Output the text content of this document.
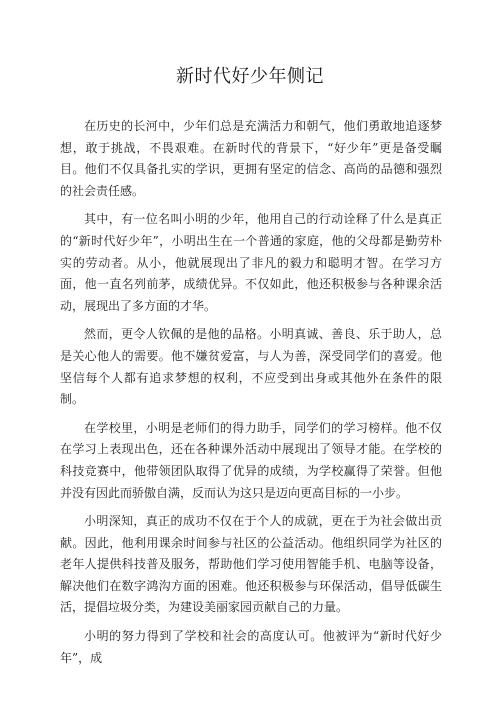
新时代好少年侧记

在历史的长河中，少年们总是充满活力和朝气，他们勇敢地追逐梦想，敢于挑战，不畏艰难。在新时代的背景下，“好少年”更是备受瞩目。他们不仅具备扎实的学识，更拥有坚定的信念、高尚的品德和强烈的社会责任感。

其中，有一位名叫小明的少年，他用自己的行动诠释了什么是真正的“新时代好少年”，小明出生在一个普通的家庭，他的父母都是勤劳朴实的劳动者。从小，他就展现出了非凡的毅力和聪明才智。在学习方面，他一直名列前茅，成绩优异。不仅如此，他还积极参与各种课余活动，展现出了多方面的才华。

然而，更令人钦佩的是他的品格。小明真诚、善良、乐于助人，总是关心他人的需要。他不嫌贫爱富，与人为善，深受同学们的喜爱。他坚信每个人都有追求梦想的权利，不应受到出身或其他外在条件的限制。

在学校里，小明是老师们的得力助手，同学们的学习榜样。他不仅在学习上表现出色，还在各种课外活动中展现出了领导才能。在学校的科技竞赛中，他带领团队取得了优异的成绩，为学校赢得了荣誉。但他并没有因此而骄傲自满，反而认为这只是迈向更高目标的一小步。

小明深知，真正的成功不仅在于个人的成就，更在于为社会做出贡献。因此，他利用课余时间参与社区的公益活动。他组织同学为社区的老年人提供科技普及服务，帮助他们学习使用智能手机、电脑等设备，解决他们在数字鸿沟方面的困难。他还积极参与环保活动，倡导低碳生活，提倡垃圾分类，为建设美丽家园贡献自己的力量。

小明的努力得到了学校和社会的高度认可。他被评为“新时代好少年”，成
